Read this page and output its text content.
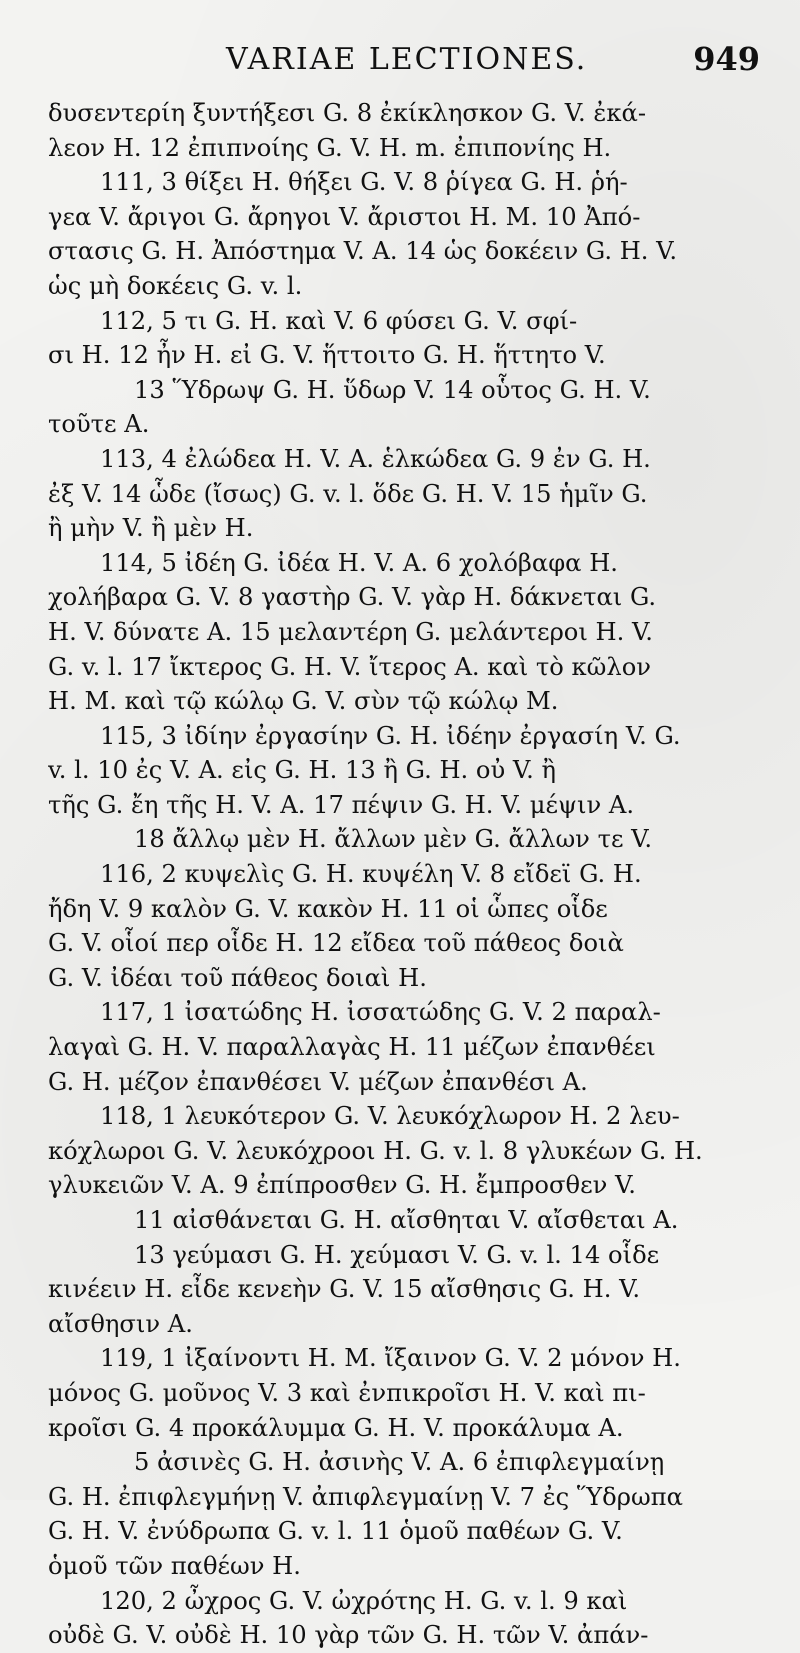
VARIAE LECTIONES.	949
δυσεντερίη ξυντήξεσι G. 8 ἐκίκλησκον G. V. ἐκά-
λεον H. 12 ἐπιπνοίης G. V. H. m. ἐπιπονίης H.
111, 3 θίξει H. θήξει G. V. 8 ῥίγεα G. H. ῥή-
γεα V. ἄριγοι G. ἄρηγοι V. ἄριστοι H. M. 10 Ἀπό-
στασις G. H. Ἀπόστημα V. A. 14 ὡς δοκέειν G. H. V.
ὡς μὴ δοκέεις G. v. l.
112, 5 τι G. H. καὶ V. 6 φύσει G. V. σφί-
σι H. 12 ἦν H. εἰ G. V. ἥττοιτο G. H. ἥττητο V.
13 Ὕδρωψ G. H. ὕδωρ V. 14 οὗτος G. H. V.
τοῦτε A.
113, 4 ἐλώδεα H. V. A. ἑλκώδεα G. 9 ἐν G. H.
ἐξ V. 14 ὧδε (ἴσως) G. v. l. ὅδε G. H. V. 15 ἡμῖν G.
ἢ μὴν V. ἢ μὲν H.
114, 5 ἰδέη G. ἰδέα H. V. A. 6 χολόβαφα H.
χολήβαρα G. V. 8 γαστὴρ G. V. γὰρ H. δάκνεται G.
H. V. δύνατε A. 15 μελαντέρη G. μελάντεροι H. V.
G. v. l. 17 ἴκτερος G. H. V. ἴτερος A. καὶ τὸ κῶλον
H. M. καὶ τῷ κώλῳ G. V. σὺν τῷ κώλῳ M.
115, 3 ἰδίην ἐργασίην G. H. ἰδέην ἐργασίη V. G.
v. l. 10 ἐς V. A. εἰς G. H. 13 ἢ G. H. οὐ V. ἢ
τῆς G. ἔη τῆς H. V. A. 17 πέψιν G. H. V. μέψιν A.
18 ἄλλῳ μὲν H. ἄλλων μὲν G. ἄλλων τε V.
116, 2 κυψελὶς G. H. κυψέλη V. 8 εἴδεϊ G. H.
ἤδη V. 9 καλὸν G. V. κακὸν H. 11 οἱ ὧπες οἷδε
G. V. οἷοί περ οἷδε H. 12 εἴδεα τοῦ πάθεος δοιὰ
G. V. ἰδέαι τοῦ πάθεος δοιαὶ H.
117, 1 ἰσατώδης H. ἰσσατώδης G. V. 2 παραλ-
λαγαὶ G. H. V. παραλλαγὰς H. 11 μέζων ἐπανθέει
G. H. μέζον ἐπανθέσει V. μέζων ἐπανθέσι A.
118, 1 λευκότερον G. V. λευκόχλωρον H. 2 λευ-
κόχλωροι G. V. λευκόχροοι H. G. v. l. 8 γλυκέων G. H.
γλυκειῶν V. A. 9 ἐπίπροσθεν G. H. ἔμπροσθεν V.
11 αἰσθάνεται G. H. αἴσθηται V. αἴσθεται A.
13 γεύμασι G. H. χεύμασι V. G. v. l. 14 οἷδε
κινέειν H. εἶδε κενεὴν G. V. 15 αἴσθησις G. H. V.
αἴσθησιν A.
119, 1 ἰξαίνοντι H. M. ἴξαινον G. V. 2 μόνον H.
μόνος G. μοῦνος V. 3 καὶ ἐνπικροῖσι H. V. καὶ πι-
κροῖσι G. 4 προκάλυμμα G. H. V. προκάλυμα A.
5 ἀσινὲς G. H. ἀσινὴς V. A. 6 ἐπιφλεγμαίνῃ
G. H. ἐπιφλεγμήνῃ V. ἀπιφλεγμαίνῃ V. 7 ἐς Ὕδρωπα
G. H. V. ἐνύδρωπα G. v. l. 11 ὁμοῦ παθέων G. V.
ὁμοῦ τῶν παθέων H.
120, 2 ὦχρος G. V. ὠχρότης H. G. v. l. 9 καὶ
οὐδὲ G. V. οὐδὲ H. 10 γὰρ τῶν G. H. τῶν V. ἀπάν-
